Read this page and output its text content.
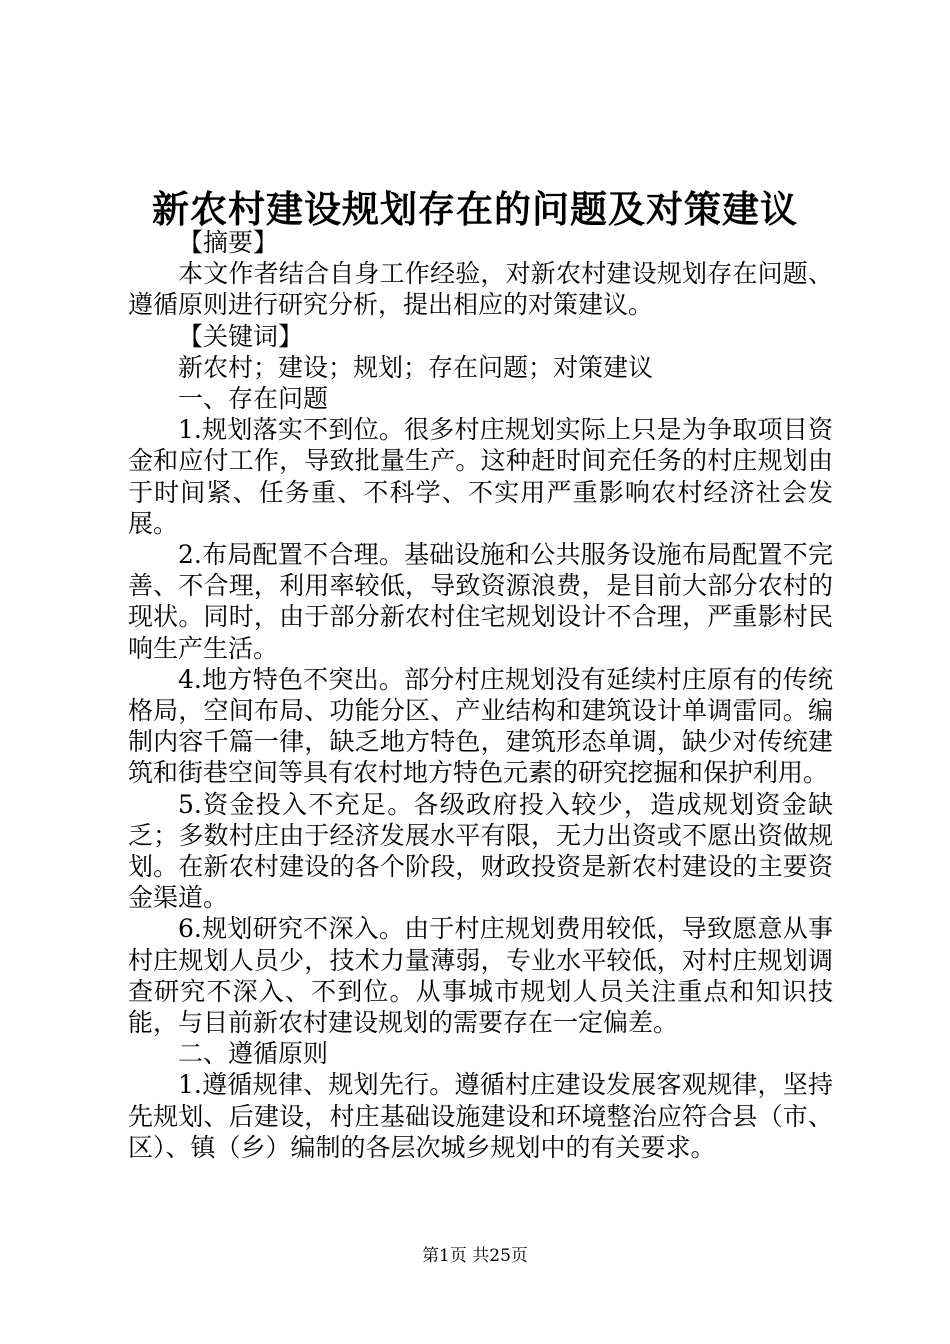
新农村建设规划存在的问题及对策建议

【摘要】

本文作者结合自身工作经验，对新农村建设规划存在问题、遵循原则进行研究分析，提出相应的对策建议。

【关键词】

新农村；建设；规划；存在问题；对策建议

一、存在问题

1.规划落实不到位。很多村庄规划实际上只是为争取项目资金和应付工作，导致批量生产。这种赶时间充任务的村庄规划由于时间紧、任务重、不科学、不实用严重影响农村经济社会发展。

2.布局配置不合理。基础设施和公共服务设施布局配置不完善、不合理，利用率较低，导致资源浪费，是目前大部分农村的现状。同时，由于部分新农村住宅规划设计不合理，严重影村民响生产生活。

4.地方特色不突出。部分村庄规划没有延续村庄原有的传统格局，空间布局、功能分区、产业结构和建筑设计单调雷同。编制内容千篇一律，缺乏地方特色，建筑形态单调，缺少对传统建筑和街巷空间等具有农村地方特色元素的研究挖掘和保护利用。

5.资金投入不充足。各级政府投入较少，造成规划资金缺乏；多数村庄由于经济发展水平有限，无力出资或不愿出资做规划。在新农村建设的各个阶段，财政投资是新农村建设的主要资金渠道。

6.规划研究不深入。由于村庄规划费用较低，导致愿意从事村庄规划人员少，技术力量薄弱，专业水平较低，对村庄规划调查研究不深入、不到位。从事城市规划人员关注重点和知识技能，与目前新农村建设规划的需要存在一定偏差。

二、遵循原则

1.遵循规律、规划先行。遵循村庄建设发展客观规律，坚持先规划、后建设，村庄基础设施建设和环境整治应符合县（市、区）、镇（乡）编制的各层次城乡规划中的有关要求。

第1页 共25页
